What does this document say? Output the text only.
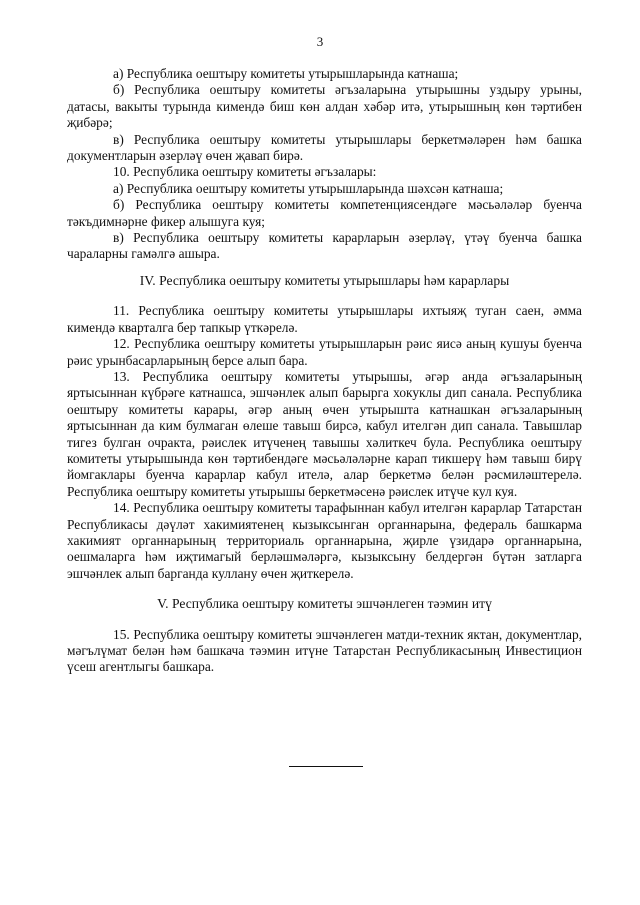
3

а) Республика оештыру комитеты утырышларында катнаша;

б) Республика оештыру комитеты әгъзаларына утырышны уздыру урыны, датасы, вакыты турында кимендә биш көн алдан хәбәр итә, утырышның көн тәртибен җибәрә;

в) Республика оештыру комитеты утырышлары беркетмәләрен һәм башка документларын әзерләү өчен җавап бирә.

10. Республика оештыру комитеты әгъзалары:

а) Республика оештыру комитеты утырышларында шәхсән катнаша;

б) Республика оештыру комитеты компетенциясендәге мәсьәләләр буенча тәкъдимнәрне фикер алышуга куя;

в) Республика оештыру комитеты карарларын әзерләү, үтәү буенча башка чараларны гамәлгә ашыра.

IV. Республика оештыру комитеты утырышлары һәм карарлары

11. Республика оештыру комитеты утырышлары ихтыяҗ туган саен, әмма кимендә кварталга бер тапкыр үткәрелә.

12. Республика оештыру комитеты утырышларын рәис яисә аның кушуы буенча рәис урынбасарларының берсе алып бара.

13. Республика оештыру комитеты утырышы, әгәр анда әгъзаларының яртысыннан күбрәге катнашса, эшчәнлек алып барырга хокуклы дип санала. Республика оештыру комитеты карары, әгәр аның өчен утырышта катнашкан әгъзаларының яртысыннан да ким булмаган өлеше тавыш бирсә, кабул ителгән дип санала. Тавышлар тигез булган очракта, рәислек итүченең тавышы хәлиткеч була. Республика оештыру комитеты утырышында көн тәртибендәге мәсьәләләрне карап тикшерү һәм тавыш бирү йомгаклары буенча карарлар кабул ителә, алар беркетмә белән рәсмиләштерелә. Республика оештыру комитеты утырышы беркетмәсенә рәислек итүче кул куя.

14. Республика оештыру комитеты тарафыннан кабул ителгән карарлар Татарстан Республикасы дәүләт хакимиятенең кызыксынган органнарына, федераль башкарма хакимият органнарының территориаль органнарына, җирле үзидарә органнарына, оешмаларга һәм иҗтимагый берләшмәләргә, кызыксыну белдергән бүтән затларга эшчәнлек алып барганда куллану өчен җиткерелә.

V. Республика оештыру комитеты эшчәнлеген тәэмин итү

15. Республика оештыру комитеты эшчәнлеген матди-техник яктан, документлар, мәгълүмат белән һәм башкача тәэмин итүне Татарстан Республикасының Инвестицион үсеш агентлыгы башкара.
